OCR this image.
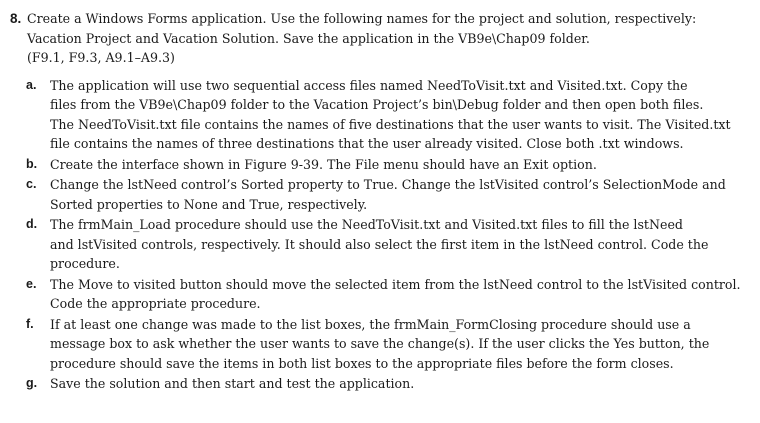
8. Create a Windows Forms application. Use the following names for the project and solution, respectively:
Vacation Project and Vacation Solution. Save the application in the VB9e\Chap09 folder.
(F9.1, F9.3, A9.1–A9.3)
a.	The application will use two sequential access files named NeedToVisit.txt and Visited.txt. Copy the
files from the VB9e\Chap09 folder to the Vacation Project’s bin\Debug folder and then open both files.
The NeedToVisit.txt file contains the names of five destinations that the user wants to visit. The Visited.txt
file contains the names of three destinations that the user already visited. Close both .txt windows.
b.	Create the interface shown in Figure 9-39. The File menu should have an Exit option.
c.	Change the lstNeed control’s Sorted property to True. Change the lstVisited control’s SelectionMode and
Sorted properties to None and True, respectively.
d.	The frmMain_Load procedure should use the NeedToVisit.txt and Visited.txt files to fill the lstNeed
and lstVisited controls, respectively. It should also select the first item in the lstNeed control. Code the
procedure.
e.	The Move to visited button should move the selected item from the lstNeed control to the lstVisited control.
Code the appropriate procedure.
f.	If at least one change was made to the list boxes, the frmMain_FormClosing procedure should use a
message box to ask whether the user wants to save the change(s). If the user clicks the Yes button, the
procedure should save the items in both list boxes to the appropriate files before the form closes.
g.	Save the solution and then start and test the application.
